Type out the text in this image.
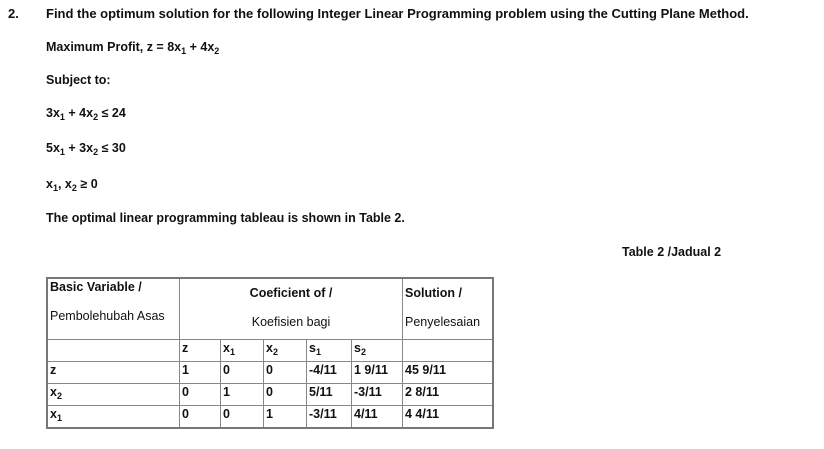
2. Find the optimum solution for the following Integer Linear Programming problem using the Cutting Plane Method.
Maximum Profit, $z = 8x_1 + 4x_2$
Subject to:
$3x_1 + 4x_2 \le 24$
$5x_1 + 3x_2 \le 30$
$x_1$, $x_2 \ge 0$
The optimal linear programming tableau is shown in Table 2.
Table 2 /Jadual 2
Basic Variable /
Pembolehubah Asas	Coeficient of /
Koefisien bagi					Solution /
Penyelesaian
	z	$x_1$	$x_2$	$s_1$	$s_2$	
z	1	0	0	-4/11	1 9/11	45 9/11
$x_2$	0	1	0	5/11	-3/11	2 8/11
$x_1$	0	0	1	-3/11	4/11	4 4/11
